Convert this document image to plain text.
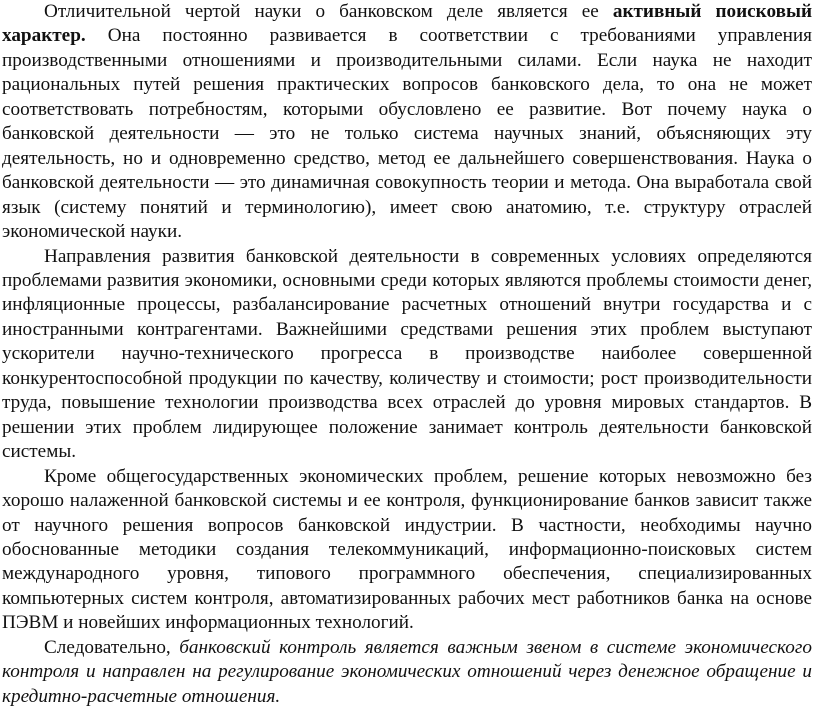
Отличительной чертой науки о банковском деле является ее активный поисковый характер. Она постоянно развивается в соответствии с требованиями управления производственными отношениями и производительными силами. Если наука не находит рациональных путей решения практических вопросов банковского дела, то она не может соответствовать потребностям, которыми обусловлено ее развитие. Вот почему наука о банковской деятельности — это не только система научных знаний, объясняющих эту деятельность, но и одновременно средство, метод ее дальнейшего совершенствования. Наука о банковской деятельности — это динамичная совокупность теории и метода. Она выработала свой язык (систему понятий и терминологию), имеет свою анатомию, т.е. структуру отраслей экономической науки.

Направления развития банковской деятельности в современных условиях определяются проблемами развития экономики, основными среди которых являются проблемы стоимости денег, инфляционные процессы, разбалансирование расчетных отношений внутри государства и с иностранными контрагентами. Важнейшими средствами решения этих проблем выступают ускорители научно-технического прогресса в производстве наиболее совершенной конкурентоспособной продукции по качеству, количеству и стоимости; рост производительности труда, повышение технологии производства всех отраслей до уровня мировых стандартов. В решении этих проблем лидирующее положение занимает контроль деятельности банковской системы.

Кроме общегосударственных экономических проблем, решение которых невозможно без хорошо налаженной банковской системы и ее контроля, функционирование банков зависит также от научного решения вопросов банковской индустрии. В частности, необходимы научно обоснованные методики создания телекоммуникаций, информационно-поисковых систем международного уровня, типового программного обеспечения, специализированных компьютерных систем контроля, автоматизированных рабочих мест работников банка на основе ПЭВМ и новейших информационных технологий.

Следовательно, банковский контроль является важным звеном в системе экономического контроля и направлен на регулирование экономических отношений через денежное обращение и кредитно-расчетные отношения.
